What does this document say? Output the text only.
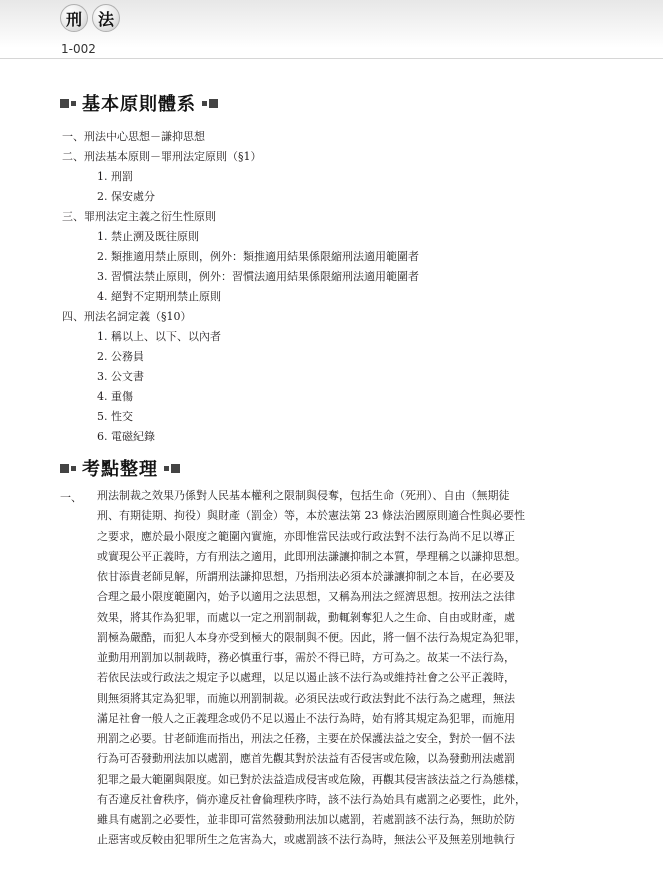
刑 法
1-002
基本原則體系
一、刑法中心思想－謙抑思想
二、刑法基本原則－罪刑法定原則（§1）
1. 刑罰
2. 保安處分
三、罪刑法定主義之衍生性原則
1. 禁止溯及既往原則
2. 類推適用禁止原則，例外：類推適用結果係限縮刑法適用範圍者
3. 習慣法禁止原則，例外：習慣法適用結果係限縮刑法適用範圍者
4. 絕對不定期刑禁止原則
四、刑法名詞定義（§10）
1. 稱以上、以下、以內者
2. 公務員
3. 公文書
4. 重傷
5. 性交
6. 電磁紀錄
考點整理
一、 刑法制裁之效果乃係對人民基本權利之限制與侵奪，包括生命（死刑）、自由（無期徒
刑、有期徒期、拘役）與財產（罰金）等，本於憲法第 23 條法治國原則適合性與必要性
之要求，應於最小限度之範圍內實施，亦即惟當民法或行政法對不法行為尚不足以導正
或實現公平正義時，方有刑法之適用，此即刑法謙讓抑制之本質，學理稱之以謙抑思想。
依甘添貴老師見解，所謂刑法謙抑思想，乃指刑法必須本於謙讓抑制之本旨，在必要及
合理之最小限度範圍內，始予以適用之法思想，又稱為刑法之經濟思想。按刑法之法律
效果，將其作為犯罪，而處以一定之刑罰制裁，動輒剝奪犯人之生命、自由或財產，處
罰極為嚴酷，而犯人本身亦受到極大的限制與不便。因此，將一個不法行為規定為犯罪，
並動用刑罰加以制裁時，務必慎重行事，需於不得已時，方可為之。故某一不法行為，
若依民法或行政法之規定予以處理，以足以遏止該不法行為或維持社會之公平正義時，
則無須將其定為犯罪，而施以刑罰制裁。必須民法或行政法對此不法行為之處理，無法
滿足社會一般人之正義理念或仍不足以遏止不法行為時，始有將其規定為犯罪，而施用
刑罰之必要。甘老師進而指出，刑法之任務，主要在於保護法益之安全，對於一個不法
行為可否發動刑法加以處罰，應首先觀其對於法益有否侵害或危險，以為發動刑法處罰
犯罪之最大範圍與限度。如已對於法益造成侵害或危險，再觀其侵害該法益之行為態樣，
有否違反社會秩序，倘亦違反社會倫理秩序時，該不法行為始具有處罰之必要性，此外，
雖具有處罰之必要性，並非即可當然發動刑法加以處罰，若處罰該不法行為，無助於防
止惡害或反較由犯罪所生之危害為大，或處罰該不法行為時，無法公平及無差別地執行
